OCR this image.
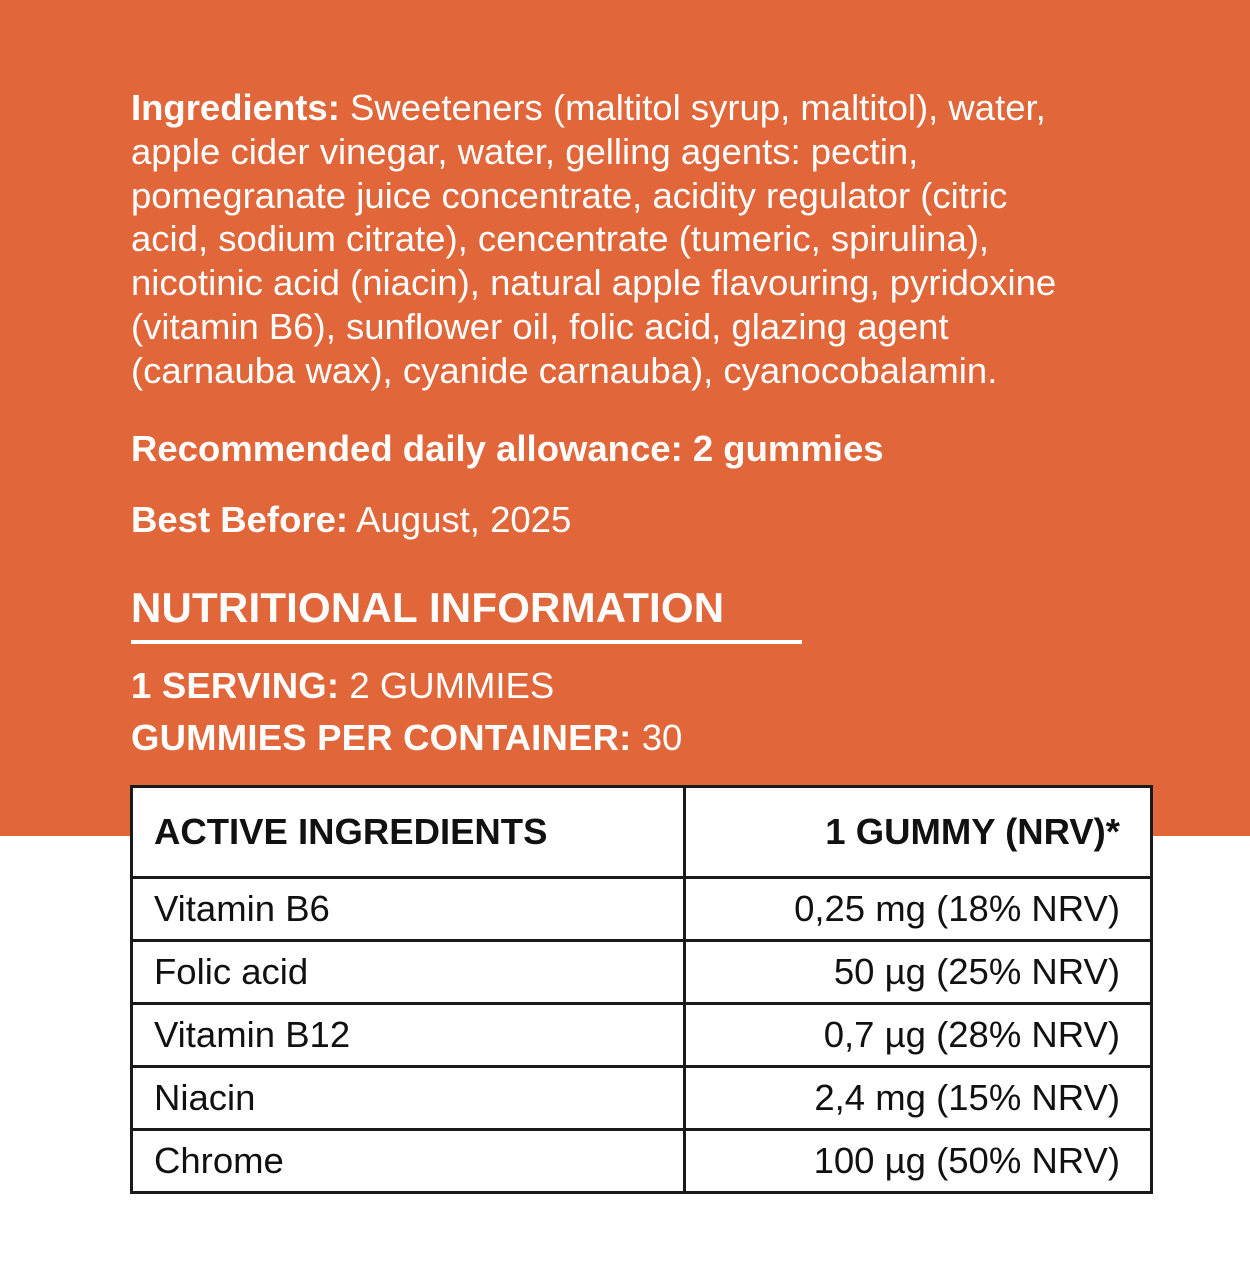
Ingredients: Sweeteners (maltitol syrup, maltitol), water,
apple cider vinegar, water, gelling agents: pectin,
pomegranate juice concentrate, acidity regulator (citric
acid, sodium citrate), cencentrate (tumeric, spirulina),
nicotinic acid (niacin), natural apple flavouring, pyridoxine
(vitamin B6), sunflower oil, folic acid, glazing agent
(carnauba wax), cyanide carnauba), cyanocobalamin.

Recommended daily allowance: 2 gummies

Best Before: August, 2025

NUTRITIONAL INFORMATION

1 SERVING: 2 GUMMIES

GUMMIES PER CONTAINER: 30

ACTIVE INGREDIENTS	1 GUMMY (NRV)*
Vitamin B6	0,25 mg (18% NRV)
Folic acid	50 µg (25% NRV)
Vitamin B12	0,7 µg (28% NRV)
Niacin	2,4 mg (15% NRV)
Chrome	100 µg (50% NRV)
